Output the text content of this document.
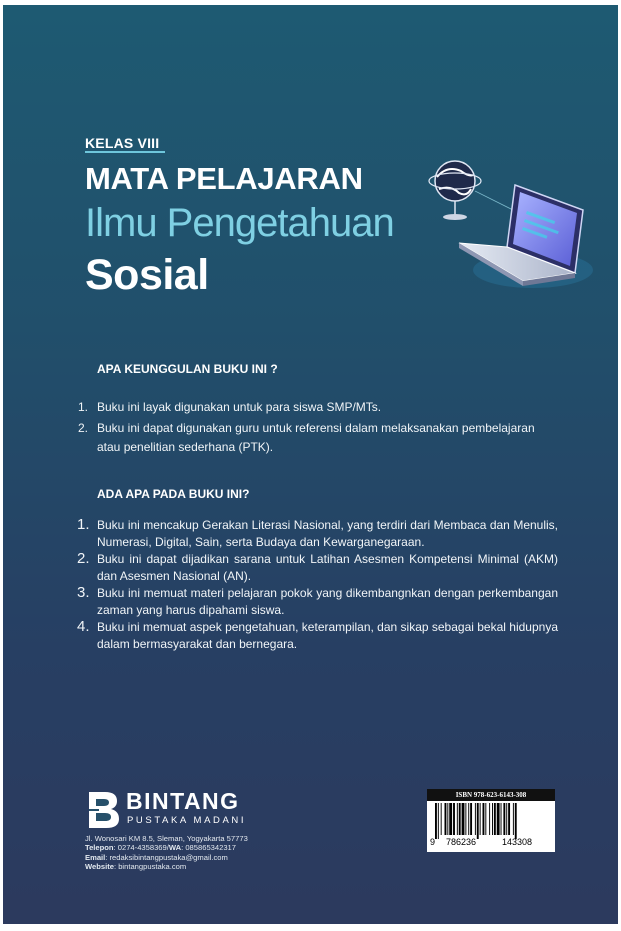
KELAS VIII
MATA PELAJARAN
Ilmu Pengetahuan
Sosial
APA KEUNGGULAN BUKU INI ?
1. Buku ini layak digunakan untuk para siswa SMP/MTs.
2. Buku ini dapat digunakan guru untuk referensi dalam melaksanakan pembelajaran atau penelitian sederhana (PTK).
ADA APA PADA BUKU INI?
1. Buku ini mencakup Gerakan Literasi Nasional, yang terdiri dari Membaca dan Menulis, Numerasi, Digital, Sain, serta Budaya dan Kewarganegaraan.
2. Buku ini dapat dijadikan sarana untuk Latihan Asesmen Kompetensi Minimal (AKM) dan Asesmen Nasional (AN).
3. Buku ini memuat materi pelajaran pokok yang dikembangnkan dengan perkembangan zaman yang harus dipahami siswa.
4. Buku ini memuat aspek pengetahuan, keterampilan, dan sikap sebagai bekal hidupnya dalam bermasyarakat dan bernegara.
BINTANG
PUSTAKA MADANI
Jl. Wonosari KM 8.5, Sleman, Yogyakarta 57773
Telepon: 0274-4358369/WA: 085865342317
Email: redaksibintangpustaka@gmail.com
Website: bintangpustaka.com
ISBN 978-623-6143-308
9 786236	143308
